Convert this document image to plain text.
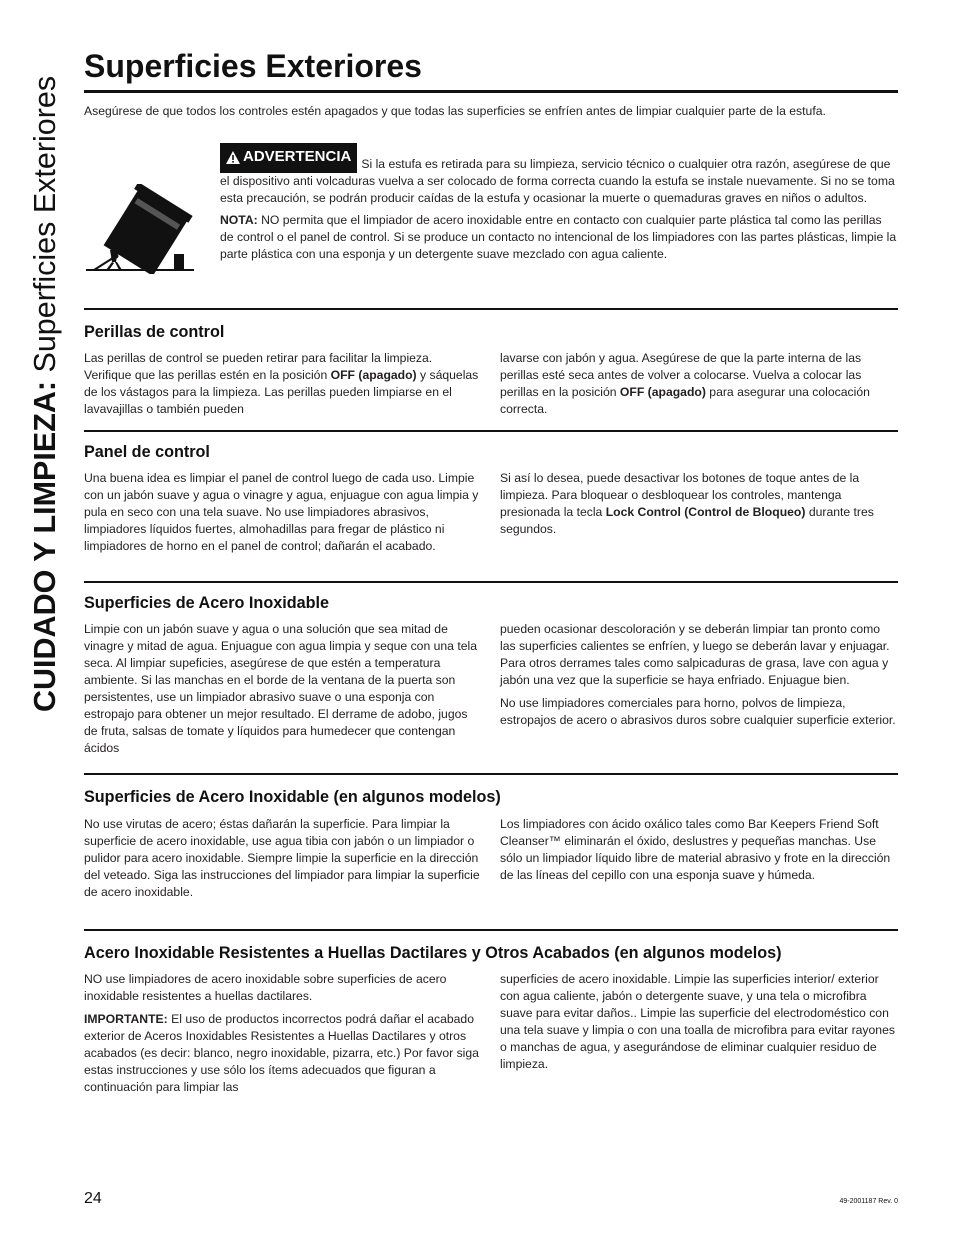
CUIDADO Y LIMPIEZA: Superficies Exteriores
Superficies Exteriores
Asegúrese de que todos los controles estén apagados y que todas las superficies se enfríen antes de limpiar cualquier parte de la estufa.
ADVERTENCIA Si la estufa es retirada para su limpieza, servicio técnico o cualquier otra razón, asegúrese de que el dispositivo anti volcaduras vuelva a ser colocado de forma correcta cuando la estufa se instale nuevamente. Si no se toma esta precaución, se podrán producir caídas de la estufa y ocasionar la muerte o quemaduras graves en niños o adultos.
NOTA: NO permita que el limpiador de acero inoxidable entre en contacto con cualquier parte plástica tal como las perillas de control o el panel de control. Si se produce un contacto no intencional de los limpiadores con las partes plásticas, limpie la parte plástica con una esponja y un detergente suave mezclado con agua caliente.
Perillas de control

Las perillas de control se pueden retirar para facilitar la limpieza. Verifique que las perillas estén en la posición OFF (apagado) y sáquelas de los vástagos para la limpieza. Las perillas pueden limpiarse en el lavavajillas o también pueden

lavarse con jabón y agua. Asegúrese de que la parte interna de las perillas esté seca antes de volver a colocarse. Vuelva a colocar las perillas en la posición OFF (apagado) para asegurar una colocación correcta.

Panel de control

Una buena idea es limpiar el panel de control luego de cada uso. Limpie con un jabón suave y agua o vinagre y agua, enjuague con agua limpia y pula en seco con una tela suave. No use limpiadores abrasivos, limpiadores líquidos fuertes, almohadillas para fregar de plástico ni limpiadores de horno en el panel de control; dañarán el acabado.

Si así lo desea, puede desactivar los botones de toque antes de la limpieza. Para bloquear o desbloquear los controles, mantenga presionada la tecla Lock Control (Control de Bloqueo) durante tres segundos.

Superficies de Acero Inoxidable

Limpie con un jabón suave y agua o una solución que sea mitad de vinagre y mitad de agua. Enjuague con agua limpia y seque con una tela seca. Al limpiar supeficies, asegúrese de que estén a temperatura ambiente. Si las manchas en el borde de la ventana de la puerta son persistentes, use un limpiador abrasivo suave o una esponja con estropajo para obtener un mejor resultado. El derrame de adobo, jugos de fruta, salsas de tomate y líquidos para humedecer que contengan ácidos

pueden ocasionar descoloración y se deberán limpiar tan pronto como las superficies calientes se enfríen, y luego se deberán lavar y enjuagar. Para otros derrames tales como salpicaduras de grasa, lave con agua y jabón una vez que la superficie se haya enfriado. Enjuague bien.

No use limpiadores comerciales para horno, polvos de limpieza, estropajos de acero o abrasivos duros sobre cualquier superficie exterior.

Superficies de Acero Inoxidable (en algunos modelos)

No use virutas de acero; éstas dañarán la superficie. Para limpiar la superficie de acero inoxidable, use agua tibia con jabón o un limpiador o pulidor para acero inoxidable. Siempre limpie la superficie en la dirección del veteado. Siga las instrucciones del limpiador para limpiar la superficie de acero inoxidable.

Los limpiadores con ácido oxálico tales como Bar Keepers Friend Soft Cleanser™ eliminarán el óxido, deslustres y pequeñas manchas. Use sólo un limpiador líquido libre de material abrasivo y frote en la dirección de las líneas del cepillo con una esponja suave y húmeda.

Acero Inoxidable Resistentes a Huellas Dactilares y Otros Acabados (en algunos modelos)

NO use limpiadores de acero inoxidable sobre superficies de acero inoxidable resistentes a huellas dactilares.

IMPORTANTE: El uso de productos incorrectos podrá dañar el acabado exterior de Aceros Inoxidables Resistentes a Huellas Dactilares y otros acabados (es decir: blanco, negro inoxidable, pizarra, etc.) Por favor siga estas instrucciones y use sólo los ítems adecuados que figuran a continuación para limpiar las

superficies de acero inoxidable. Limpie las superficies interior/ exterior con agua caliente, jabón o detergente suave, y una tela o microfibra suave para evitar daños.. Limpie las superficie del electrodoméstico con una tela suave y limpia o con una toalla de microfibra para evitar rayones o manchas de agua, y asegurándose de eliminar cualquier residuo de limpieza.

24	49-2001187 Rev. 0
